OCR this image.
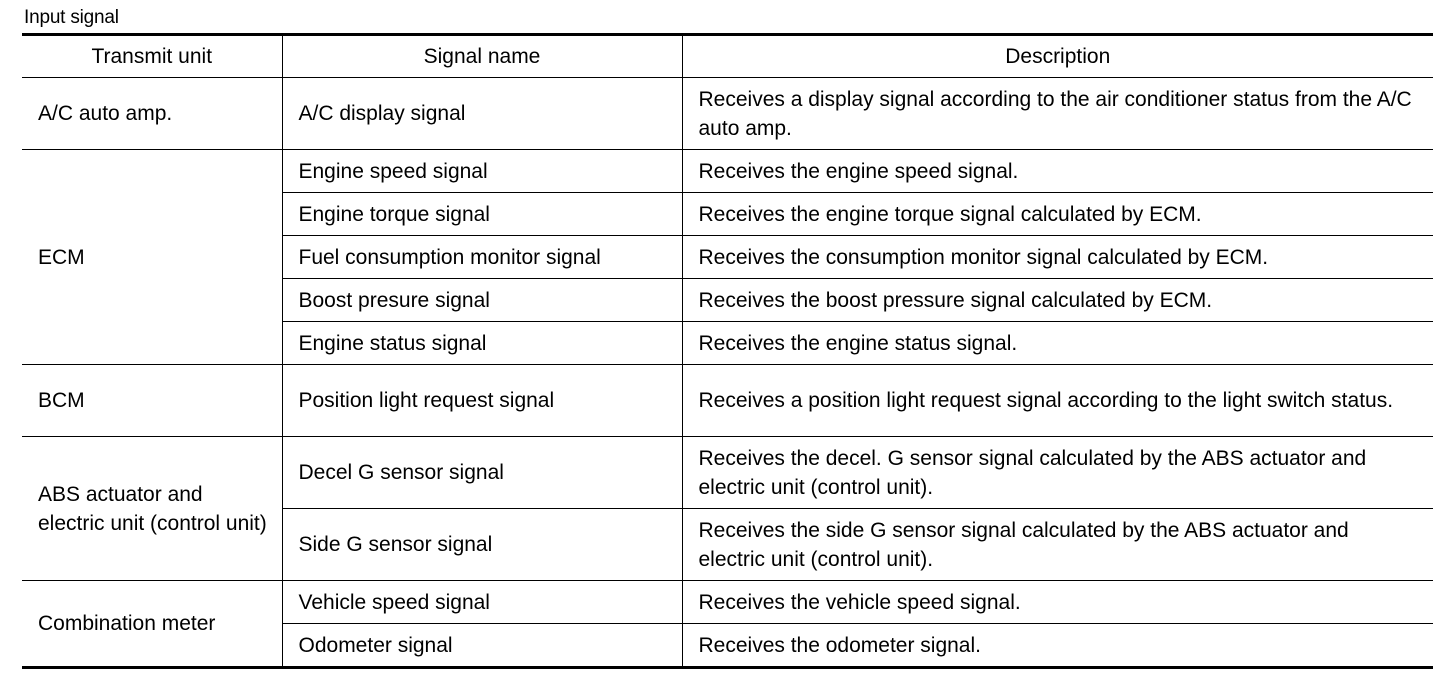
Input signal
Transmit unit	Signal name	Description
A/C auto amp.	A/C display signal	Receives a display signal according to the air conditioner status from the A/C auto amp.
ECM	Engine speed signal	Receives the engine speed signal.
	Engine torque signal	Receives the engine torque signal calculated by ECM.
	Fuel consumption monitor signal	Receives the consumption monitor signal calculated by ECM.
	Boost presure signal	Receives the boost pressure signal calculated by ECM.
	Engine status signal	Receives the engine status signal.
BCM	Position light request signal	Receives a position light request signal according to the light switch status.
ABS actuator and electric unit (control unit)	Decel G sensor signal	Receives the decel. G sensor signal calculated by the ABS actuator and electric unit (control unit).
	Side G sensor signal	Receives the side G sensor signal calculated by the ABS actuator and electric unit (control unit).
Combination meter	Vehicle speed signal	Receives the vehicle speed signal.
	Odometer signal	Receives the odometer signal.
